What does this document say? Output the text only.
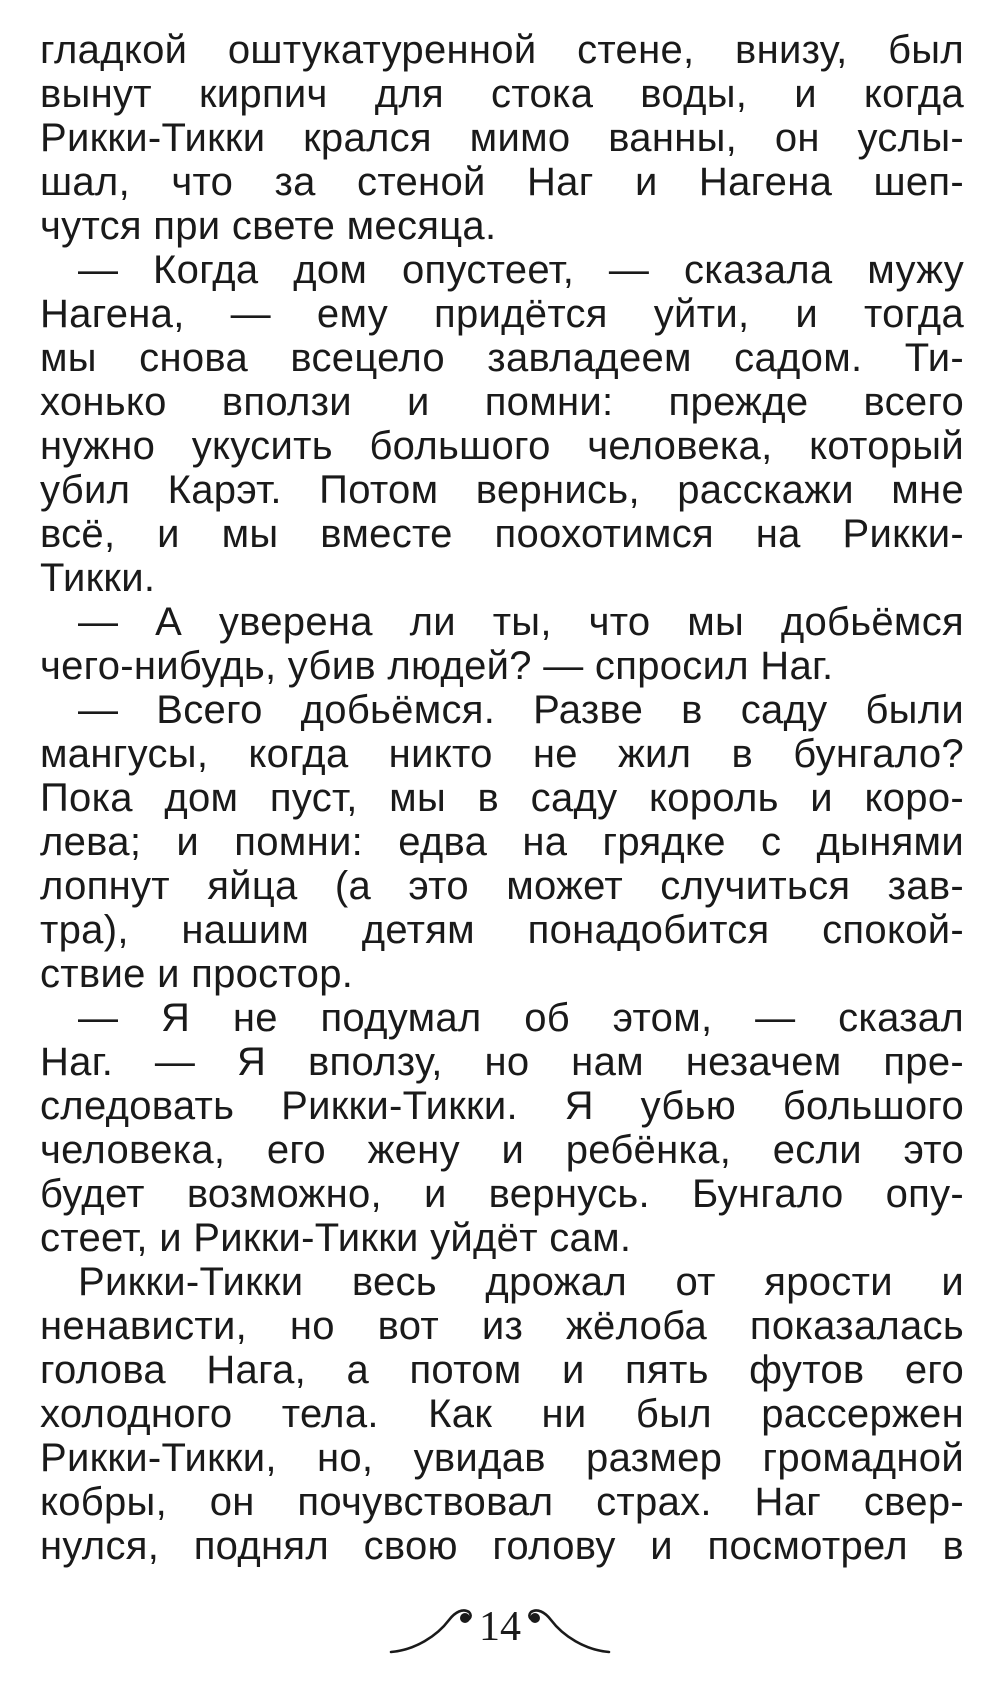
гладкой оштукатуренной стене, внизу, был
вынут кирпич для стока воды, и когда
Рикки-Тикки крался мимо ванны, он услы-
шал, что за стеной Наг и Нагена шеп-
чутся при свете месяца.
— Когда дом опустеет, — сказала мужу
Нагена, — ему придётся уйти, и тогда
мы снова всецело завладеем садом. Ти-
хонько вползи и помни: прежде всего
нужно укусить большого человека, который
убил Карэт. Потом вернись, расскажи мне
всё, и мы вместе поохотимся на Рикки-
Тикки.
— А уверена ли ты, что мы добьёмся
чего-нибудь, убив людей? — спросил Наг.
— Всего добьёмся. Разве в саду были
мангусы, когда никто не жил в бунгало?
Пока дом пуст, мы в саду король и коро-
лева; и помни: едва на грядке с дынями
лопнут яйца (а это может случиться зав-
тра), нашим детям понадобится спокой-
ствие и простор.
— Я не подумал об этом, — сказал
Наг. — Я вползу, но нам незачем пре-
следовать Рикки-Тикки. Я убью большого
человека, его жену и ребёнка, если это
будет возможно, и вернусь. Бунгало опу-
стеет, и Рикки-Тикки уйдёт сам.
Рикки-Тикки весь дрожал от ярости и
ненависти, но вот из жёлоба показалась
голова Нага, а потом и пять футов его
холодного тела. Как ни был рассержен
Рикки-Тикки, но, увидав размер громадной
кобры, он почувствовал страх. Наг свер-
нулся, поднял свою голову и посмотрел в
14
